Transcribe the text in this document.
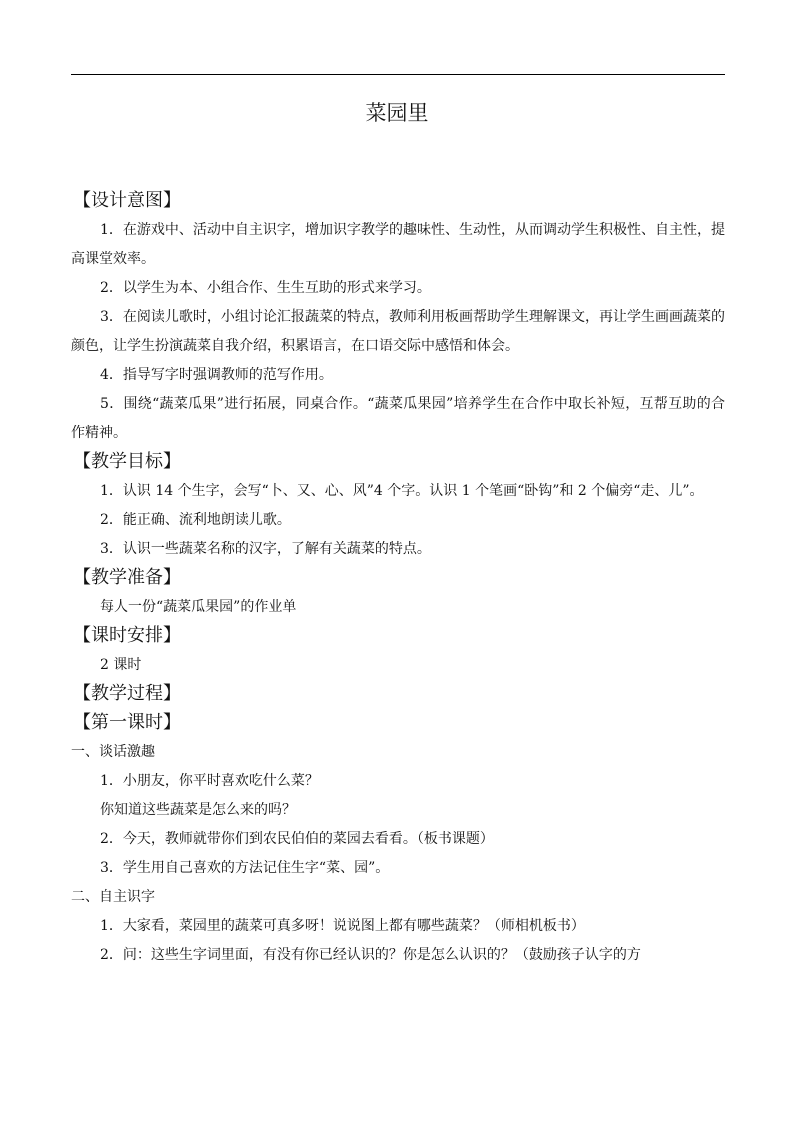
菜园里
【设计意图】
1．在游戏中、活动中自主识字，增加识字教学的趣味性、生动性，从而调动学生积极性、自主性，提高课堂效率。
2．以学生为本、小组合作、生生互助的形式来学习。
3．在阅读儿歌时，小组讨论汇报蔬菜的特点，教师利用板画帮助学生理解课文，再让学生画画蔬菜的颜色，让学生扮演蔬菜自我介绍，积累语言，在口语交际中感悟和体会。
4．指导写字时强调教师的范写作用。
5．围绕“蔬菜瓜果”进行拓展，同桌合作。“蔬菜瓜果园”培养学生在合作中取长补短，互帮互助的合作精神。
【教学目标】
1．认识 14 个生字，会写“卜、又、心、风”4 个字。认识 1 个笔画“卧钩”和 2 个偏旁“走、儿”。
2．能正确、流利地朗读儿歌。
3．认识一些蔬菜名称的汉字，了解有关蔬菜的特点。
【教学准备】
每人一份“蔬菜瓜果园”的作业单
【课时安排】
2 课时
【教学过程】
【第一课时】
一、谈话激趣
1．小朋友，你平时喜欢吃什么菜？
你知道这些蔬菜是怎么来的吗？
2．今天，教师就带你们到农民伯伯的菜园去看看。（板书课题）
3．学生用自己喜欢的方法记住生字“菜、园”。
二、自主识字
1．大家看，菜园里的蔬菜可真多呀！说说图上都有哪些蔬菜？（师相机板书）
2．问：这些生字词里面，有没有你已经认识的？你是怎么认识的？（鼓励孩子认字的方
